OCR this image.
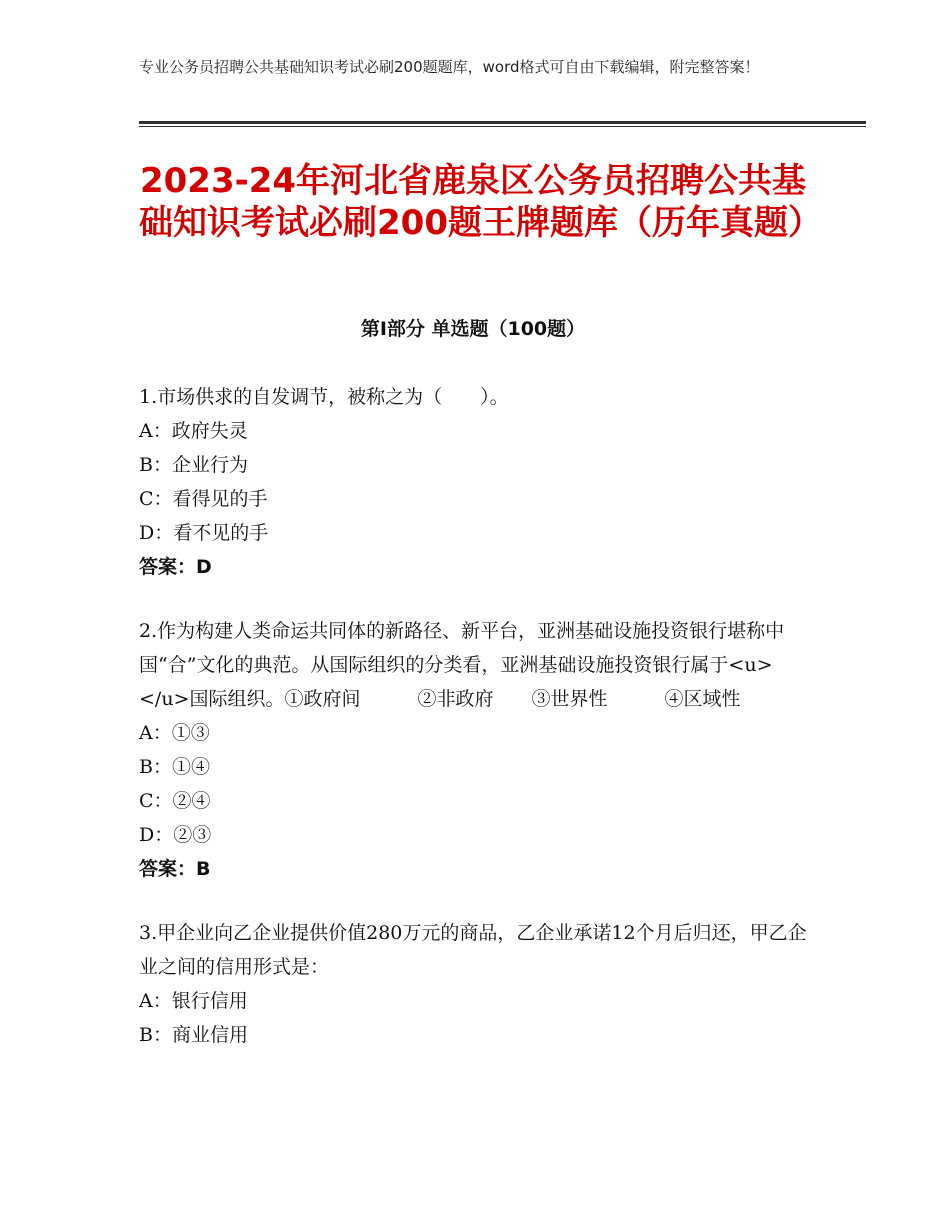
专业公务员招聘公共基础知识考试必刷200题题库，word格式可自由下载编辑，附完整答案！
2023-24年河北省鹿泉区公务员招聘公共基础知识考试必刷200题王牌题库（历年真题）
第Ⅰ部分 单选题（100题）

1.市场供求的自发调节，被称之为（　　）。

A：政府失灵

B：企业行为

C：看得见的手

D：看不见的手

答案：D

2.作为构建人类命运共同体的新路径、新平台，亚洲基础设施投资银行堪称中国“合”文化的典范。从国际组织的分类看，亚洲基础设施投资银行属于<u>　　　　　</u>国际组织。①政府间　　　②非政府　　③世界性　　　④区域性

A：①③

B：①④

C：②④

D：②③

答案：B

3.甲企业向乙企业提供价值280万元的商品，乙企业承诺12个月后归还，甲乙企业之间的信用形式是：

A：银行信用

B：商业信用
